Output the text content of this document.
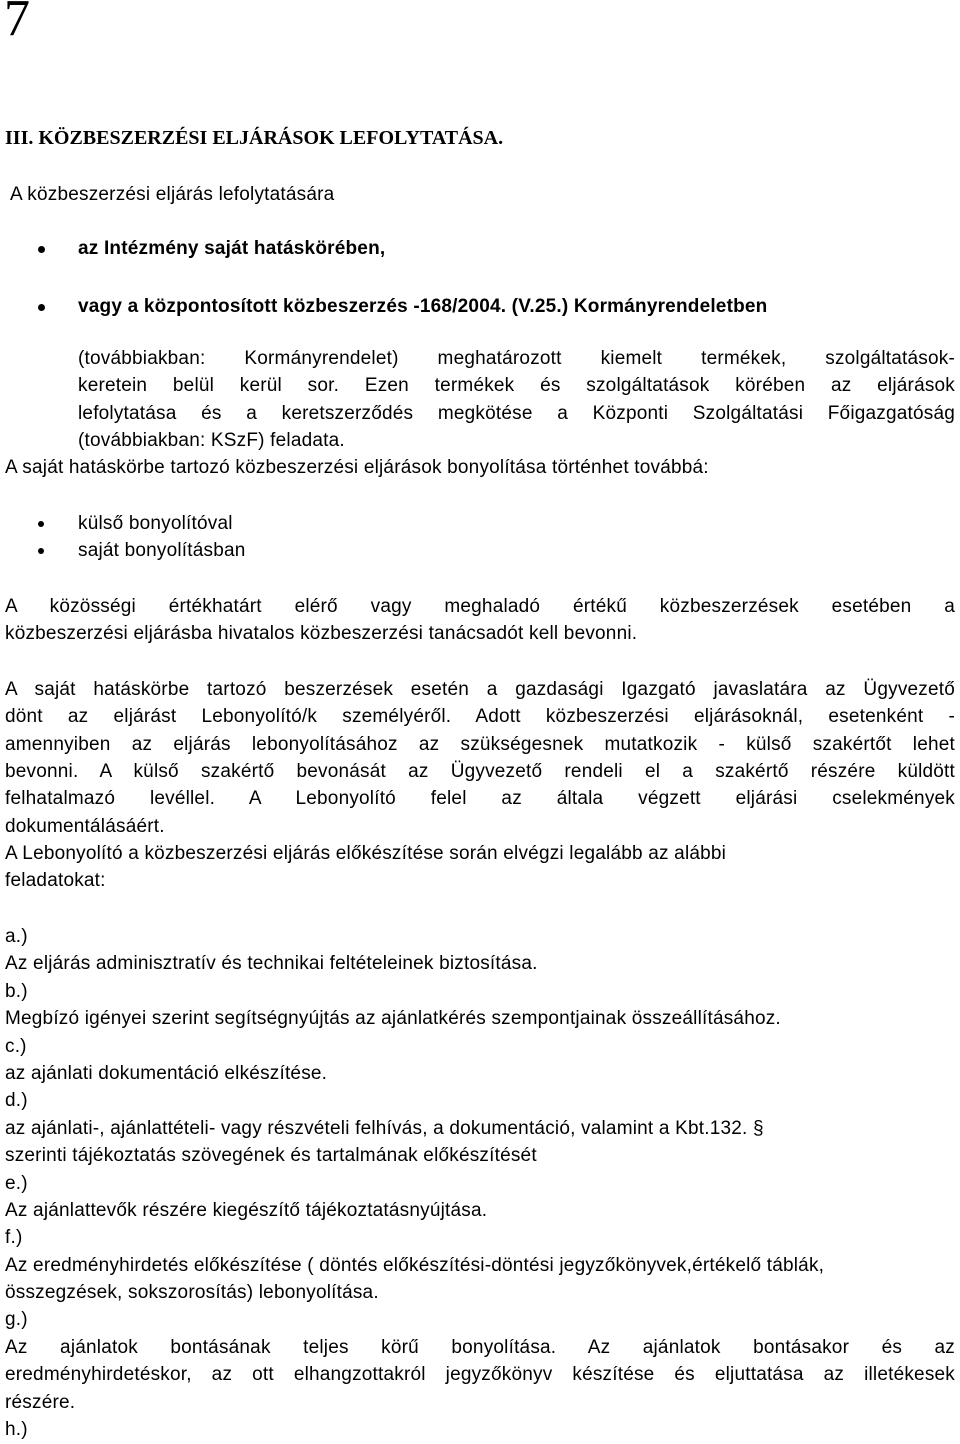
7
III. KÖZBESZERZÉSI ELJÁRÁSOK LEFOLYTATÁSA.
A közbeszerzési eljárás lefolytatására
az Intézmény saját hatáskörében,
vagy a központosított közbeszerzés -168/2004. (V.25.) Kormányrendeletben
(továbbiakban: Kormányrendelet) meghatározott kiemelt termékek, szolgáltatások-
keretein belül kerül sor. Ezen termékek és szolgáltatások körében az eljárások
lefolytatása és a keretszerződés megkötése a Központi Szolgáltatási Főigazgatóság
(továbbiakban: KSzF) feladata.
A saját hatáskörbe tartozó közbeszerzési eljárások bonyolítása történhet továbbá:
külső bonyolítóval
saját bonyolításban
A közösségi értékhatárt elérő vagy meghaladó értékű közbeszerzések esetében a
közbeszerzési eljárásba hivatalos közbeszerzési tanácsadót kell bevonni.
A saját hatáskörbe tartozó beszerzések esetén a gazdasági Igazgató javaslatára az Ügyvezető
dönt az eljárást Lebonyolító/k személyéről. Adott közbeszerzési eljárásoknál, esetenként -
amennyiben az eljárás lebonyolításához az szükségesnek mutatkozik - külső szakértőt lehet
bevonni. A külső szakértő bevonását az Ügyvezető rendeli el a szakértő részére küldött
felhatalmazó levéllel. A Lebonyolító felel az általa végzett eljárási cselekmények
dokumentálásáért.
A Lebonyolító a közbeszerzési eljárás előkészítése során elvégzi legalább az alábbi
feladatokat:
a.)
Az eljárás adminisztratív és technikai feltételeinek biztosítása.
b.)
Megbízó igényei szerint segítségnyújtás az ajánlatkérés szempontjainak összeállításához.
c.)
az ajánlati dokumentáció elkészítése.
d.)
az ajánlati-, ajánlattételi- vagy részvételi felhívás, a dokumentáció, valamint a Kbt.132. §
szerinti tájékoztatás szövegének és tartalmának előkészítését
e.)
Az ajánlattevők részére kiegészítő tájékoztatásnyújtása.
f.)
Az eredményhirdetés előkészítése ( döntés előkészítési-döntési jegyzőkönyvek,értékelő táblák,
összegzések, sokszorosítás) lebonyolítása.
g.)
Az ajánlatok bontásának teljes körű bonyolítása. Az ajánlatok bontásakor és az
eredményhirdetéskor, az ott elhangzottakról jegyzőkönyv készítése és eljuttatása az illetékesek
részére.
h.)
